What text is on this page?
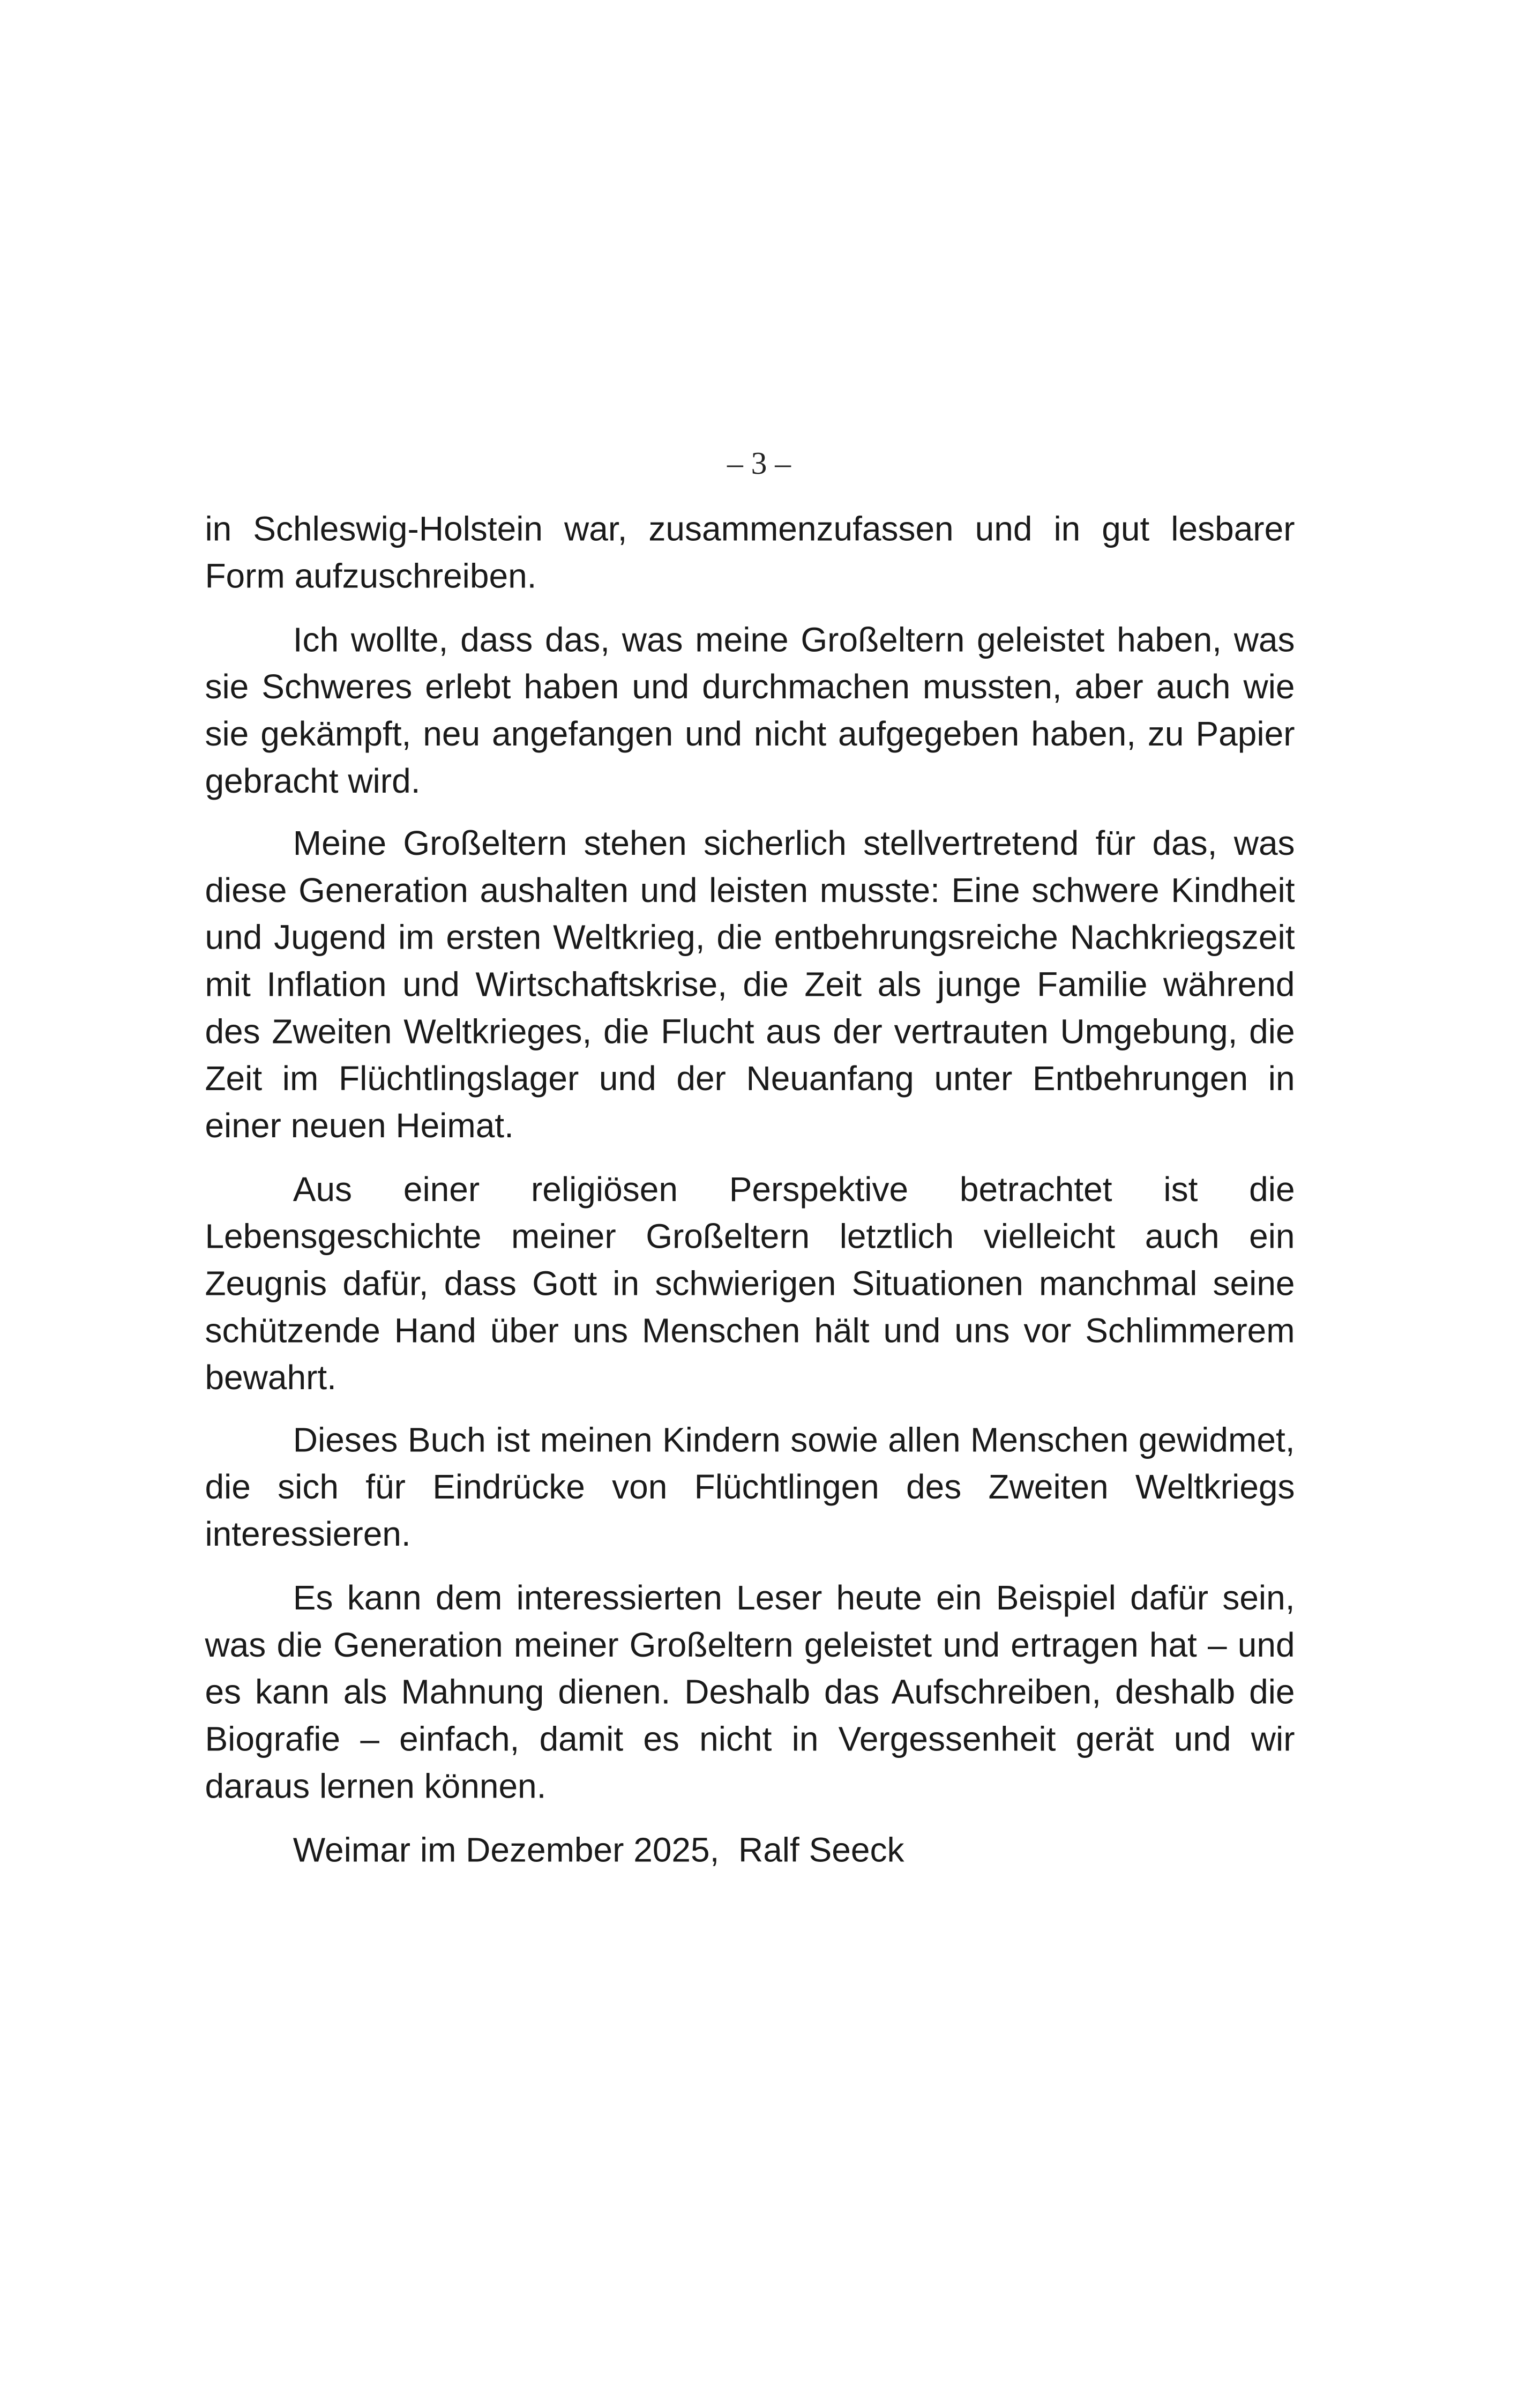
– 3 –

in Schleswig-Holstein war, zusammenzufassen und in gut lesbarer Form aufzuschreiben.

Ich wollte, dass das, was meine Großeltern geleistet haben, was sie Schweres erlebt haben und durchmachen mussten, aber auch wie sie gekämpft, neu angefangen und nicht aufgegeben haben, zu Papier gebracht wird.

Meine Großeltern stehen sicherlich stellvertretend für das, was diese Generation aushalten und leisten musste: Eine schwere Kindheit und Jugend im ersten Weltkrieg, die entbehrungsreiche Nachkriegszeit mit Inflation und Wirtschaftskrise, die Zeit als junge Familie während des Zweiten Weltkrieges, die Flucht aus der vertrauten Umgebung, die Zeit im Flüchtlingslager und der Neuanfang unter Entbehrungen in einer neuen Heimat.

Aus einer religiösen Perspektive betrachtet ist die Lebensgeschichte meiner Großeltern letztlich vielleicht auch ein Zeugnis dafür, dass Gott in schwierigen Situationen manchmal seine schützende Hand über uns Menschen hält und uns vor Schlimmerem bewahrt.

Dieses Buch ist meinen Kindern sowie allen Menschen gewidmet, die sich für Eindrücke von Flüchtlingen des Zweiten Weltkriegs interessieren.

Es kann dem interessierten Leser heute ein Beispiel dafür sein, was die Generation meiner Großeltern geleistet und ertragen hat – und es kann als Mahnung dienen. Deshalb das Aufschreiben, deshalb die Biografie – einfach, damit es nicht in Vergessenheit gerät und wir daraus lernen können.

Weimar im Dezember 2025,  Ralf Seeck
